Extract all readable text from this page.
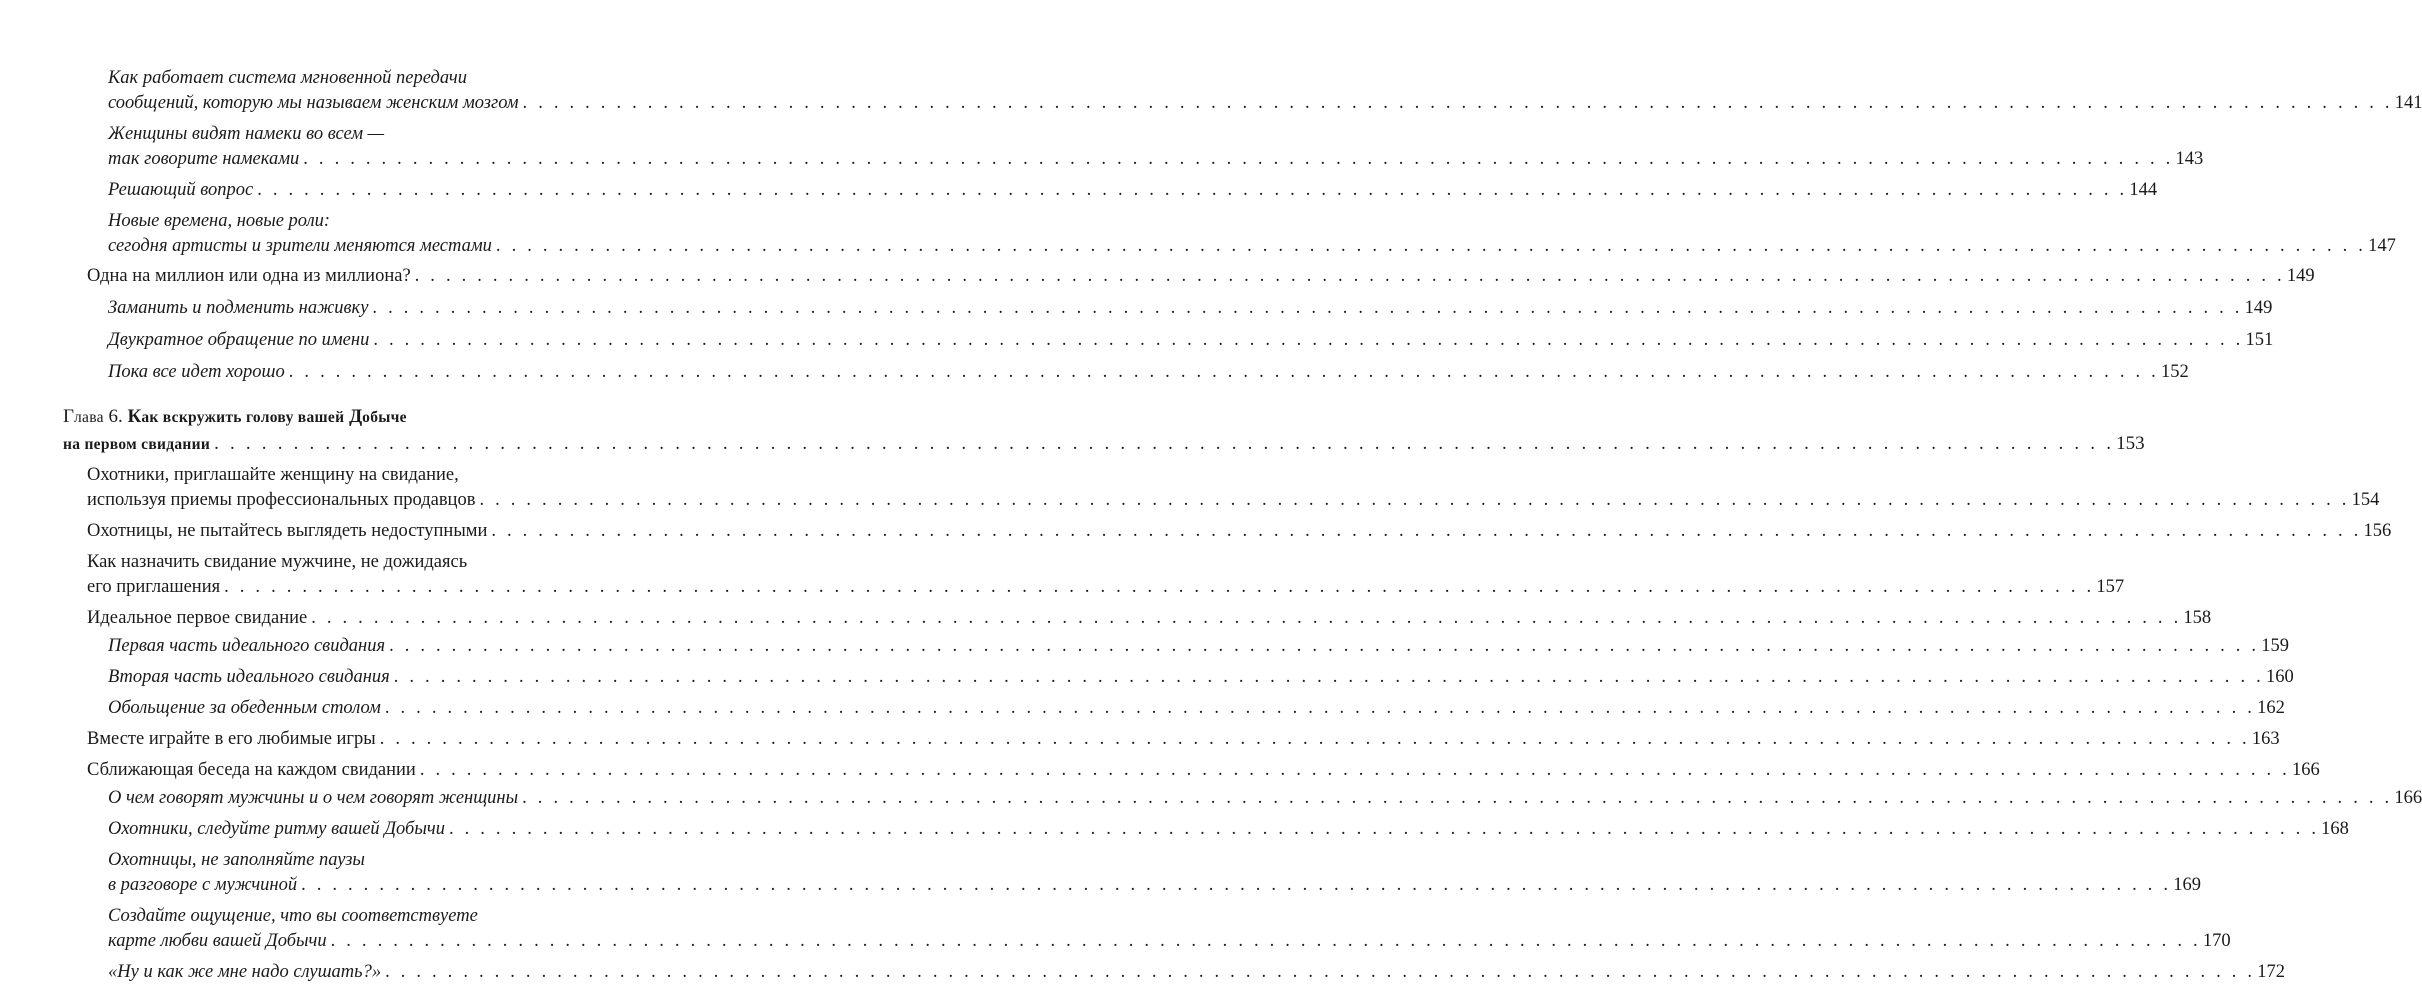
Как работает система мгновенной передачи
сообщений, которую мы называем женским мозгом . . . . . . . . . . . . . . . . . . . . . . . . . . . . . . . . . . . . . . . . . . . . . . . . . . . . . . . . . . . . . . . . . . . . . . . . . . . . . . . . . . . . . . . . . . . . . . . . . . . . . . . . . . . . . . . . . . . . . . . . 141
Женщины видят намеки во всем —
так говорите намеками . . . . . . . . . . . . . . . . . . . . . . . . . . . . . . . . . . . . . . . . . . . . . . . . . . . . . . . . . . . . . . . . . . . . . . . . . . . . . . . . . . . . . . . . . . . . . . . . . . . . . . . . . . . . . . . . . . . . . . . . 143
Решающий вопрос . . . . . . . . . . . . . . . . . . . . . . . . . . . . . . . . . . . . . . . . . . . . . . . . . . . . . . . . . . . . . . . . . . . . . . . . . . . . . . . . . . . . . . . . . . . . . . . . . . . . . . . . . . . . . . . . . . . . . . . . 144
Новые времена, новые роли:
сегодня артисты и зрители меняются местами . . . . . . . . . . . . . . . . . . . . . . . . . . . . . . . . . . . . . . . . . . . . . . . . . . . . . . . . . . . . . . . . . . . . . . . . . . . . . . . . . . . . . . . . . . . . . . . . . . . . . . . . . . . . . . . . . . . . . . . . 147
Одна на миллион или одна из миллиона? . . . . . . . . . . . . . . . . . . . . . . . . . . . . . . . . . . . . . . . . . . . . . . . . . . . . . . . . . . . . . . . . . . . . . . . . . . . . . . . . . . . . . . . . . . . . . . . . . . . . . . . . . . . . . . . . . . . . . . . . 149
Заманить и подменить наживку . . . . . . . . . . . . . . . . . . . . . . . . . . . . . . . . . . . . . . . . . . . . . . . . . . . . . . . . . . . . . . . . . . . . . . . . . . . . . . . . . . . . . . . . . . . . . . . . . . . . . . . . . . . . . . . . . . . . . . . . 149
Двукратное обращение по имени . . . . . . . . . . . . . . . . . . . . . . . . . . . . . . . . . . . . . . . . . . . . . . . . . . . . . . . . . . . . . . . . . . . . . . . . . . . . . . . . . . . . . . . . . . . . . . . . . . . . . . . . . . . . . . . . . . . . . . . . 151
Пока все идет хорошо . . . . . . . . . . . . . . . . . . . . . . . . . . . . . . . . . . . . . . . . . . . . . . . . . . . . . . . . . . . . . . . . . . . . . . . . . . . . . . . . . . . . . . . . . . . . . . . . . . . . . . . . . . . . . . . . . . . . . . . . 152
Глава 6. Как вскружить голову вашей Добыче
на первом свидании . . . . . . . . . . . . . . . . . . . . . . . . . . . . . . . . . . . . . . . . . . . . . . . . . . . . . . . . . . . . . . . . . . . . . . . . . . . . . . . . . . . . . . . . . . . . . . . . . . . . . . . . . . . . . . . . . . . . . . . . 153
Охотники, приглашайте женщину на свидание,
используя приемы профессиональных продавцов . . . . . . . . . . . . . . . . . . . . . . . . . . . . . . . . . . . . . . . . . . . . . . . . . . . . . . . . . . . . . . . . . . . . . . . . . . . . . . . . . . . . . . . . . . . . . . . . . . . . . . . . . . . . . . . . . . . . . . . . 154
Охотницы, не пытайтесь выглядеть недоступными . . . . . . . . . . . . . . . . . . . . . . . . . . . . . . . . . . . . . . . . . . . . . . . . . . . . . . . . . . . . . . . . . . . . . . . . . . . . . . . . . . . . . . . . . . . . . . . . . . . . . . . . . . . . . . . . . . . . . . . . 156
Как назначить свидание мужчине, не дожидаясь
его приглашения . . . . . . . . . . . . . . . . . . . . . . . . . . . . . . . . . . . . . . . . . . . . . . . . . . . . . . . . . . . . . . . . . . . . . . . . . . . . . . . . . . . . . . . . . . . . . . . . . . . . . . . . . . . . . . . . . . . . . . . . 157
Идеальное первое свидание . . . . . . . . . . . . . . . . . . . . . . . . . . . . . . . . . . . . . . . . . . . . . . . . . . . . . . . . . . . . . . . . . . . . . . . . . . . . . . . . . . . . . . . . . . . . . . . . . . . . . . . . . . . . . . . . . . . . . . . . 158
Первая часть идеального свидания . . . . . . . . . . . . . . . . . . . . . . . . . . . . . . . . . . . . . . . . . . . . . . . . . . . . . . . . . . . . . . . . . . . . . . . . . . . . . . . . . . . . . . . . . . . . . . . . . . . . . . . . . . . . . . . . . . . . . . . . 159
Вторая часть идеального свидания . . . . . . . . . . . . . . . . . . . . . . . . . . . . . . . . . . . . . . . . . . . . . . . . . . . . . . . . . . . . . . . . . . . . . . . . . . . . . . . . . . . . . . . . . . . . . . . . . . . . . . . . . . . . . . . . . . . . . . . . 160
Обольщение за обеденным столом . . . . . . . . . . . . . . . . . . . . . . . . . . . . . . . . . . . . . . . . . . . . . . . . . . . . . . . . . . . . . . . . . . . . . . . . . . . . . . . . . . . . . . . . . . . . . . . . . . . . . . . . . . . . . . . . . . . . . . . . 162
Вместе играйте в его любимые игры . . . . . . . . . . . . . . . . . . . . . . . . . . . . . . . . . . . . . . . . . . . . . . . . . . . . . . . . . . . . . . . . . . . . . . . . . . . . . . . . . . . . . . . . . . . . . . . . . . . . . . . . . . . . . . . . . . . . . . . . 163
Сближающая беседа на каждом свидании . . . . . . . . . . . . . . . . . . . . . . . . . . . . . . . . . . . . . . . . . . . . . . . . . . . . . . . . . . . . . . . . . . . . . . . . . . . . . . . . . . . . . . . . . . . . . . . . . . . . . . . . . . . . . . . . . . . . . . . . 166
О чем говорят мужчины и о чем говорят женщины . . . . . . . . . . . . . . . . . . . . . . . . . . . . . . . . . . . . . . . . . . . . . . . . . . . . . . . . . . . . . . . . . . . . . . . . . . . . . . . . . . . . . . . . . . . . . . . . . . . . . . . . . . . . . . . . . . . . . . . . 166
Охотники, следуйте ритму вашей Добычи . . . . . . . . . . . . . . . . . . . . . . . . . . . . . . . . . . . . . . . . . . . . . . . . . . . . . . . . . . . . . . . . . . . . . . . . . . . . . . . . . . . . . . . . . . . . . . . . . . . . . . . . . . . . . . . . . . . . . . . . 168
Охотницы, не заполняйте паузы
в разговоре с мужчиной . . . . . . . . . . . . . . . . . . . . . . . . . . . . . . . . . . . . . . . . . . . . . . . . . . . . . . . . . . . . . . . . . . . . . . . . . . . . . . . . . . . . . . . . . . . . . . . . . . . . . . . . . . . . . . . . . . . . . . . . 169
Создайте ощущение, что вы соответствуете
карте любви вашей Добычи . . . . . . . . . . . . . . . . . . . . . . . . . . . . . . . . . . . . . . . . . . . . . . . . . . . . . . . . . . . . . . . . . . . . . . . . . . . . . . . . . . . . . . . . . . . . . . . . . . . . . . . . . . . . . . . . . . . . . . . . 170
«Ну и как же мне надо слушать?» . . . . . . . . . . . . . . . . . . . . . . . . . . . . . . . . . . . . . . . . . . . . . . . . . . . . . . . . . . . . . . . . . . . . . . . . . . . . . . . . . . . . . . . . . . . . . . . . . . . . . . . . . . . . . . . . . . . . . . . . 172
